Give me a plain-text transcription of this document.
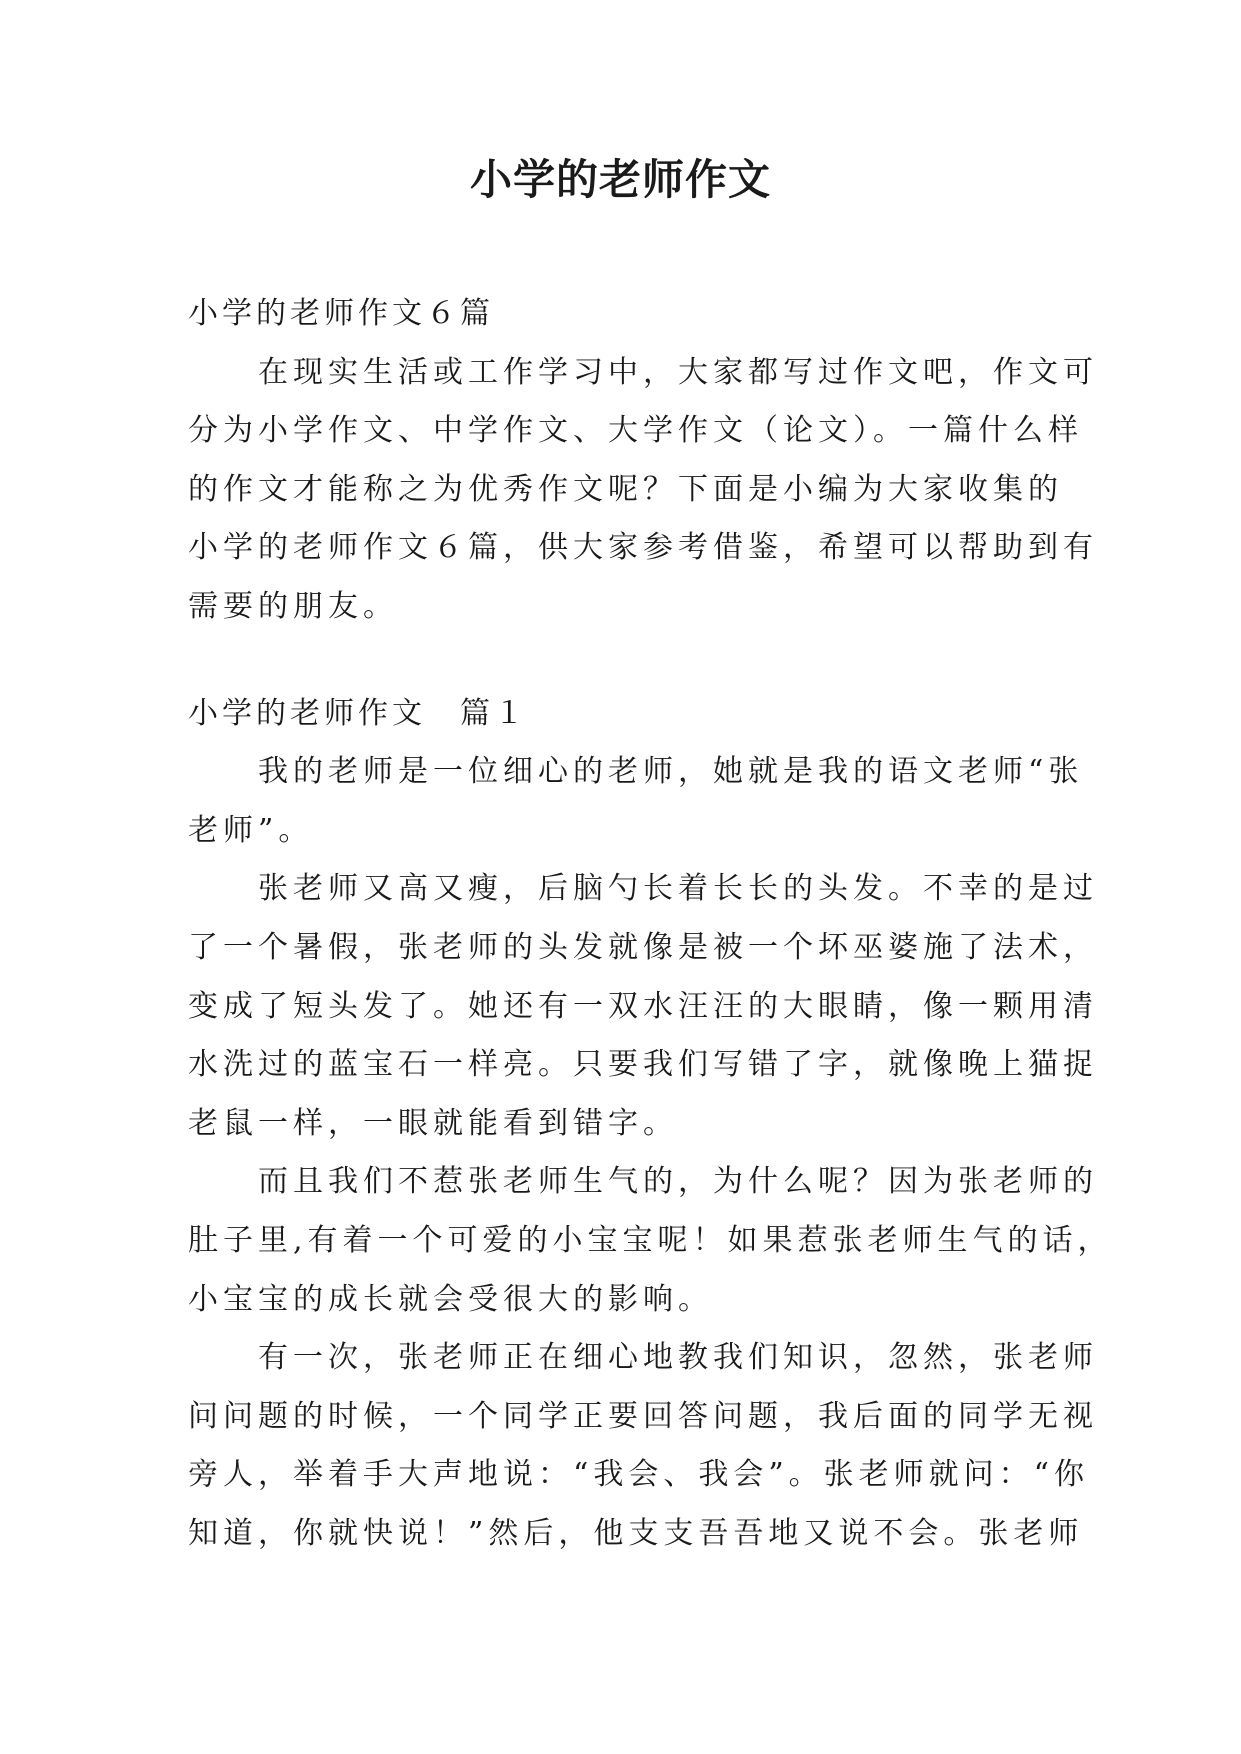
小学的老师作文

小学的老师作文６篇

在现实生活或工作学习中，大家都写过作文吧，作文可

分为小学作文、中学作文、大学作文（论文）。一篇什么样

的作文才能称之为优秀作文呢？下面是小编为大家收集的

小学的老师作文６篇，供大家参考借鉴，希望可以帮助到有

需要的朋友。

小学的老师作文　篇１

我的老师是一位细心的老师，她就是我的语文老师“张

老师”。

张老师又高又瘦，后脑勺长着长长的头发。不幸的是过

了一个暑假，张老师的头发就像是被一个坏巫婆施了法术，

变成了短头发了。她还有一双水汪汪的大眼睛，像一颗用清

水洗过的蓝宝石一样亮。只要我们写错了字，就像晚上猫捉

老鼠一样，一眼就能看到错字。

而且我们不惹张老师生气的，为什么呢？因为张老师的

肚子里,有着一个可爱的小宝宝呢！如果惹张老师生气的话，

小宝宝的成长就会受很大的影响。

有一次，张老师正在细心地教我们知识，忽然，张老师

问问题的时候，一个同学正要回答问题，我后面的同学无视

旁人，举着手大声地说：“我会、我会”。张老师就问：“你

知道，你就快说！”然后，他支支吾吾地又说不会。张老师
